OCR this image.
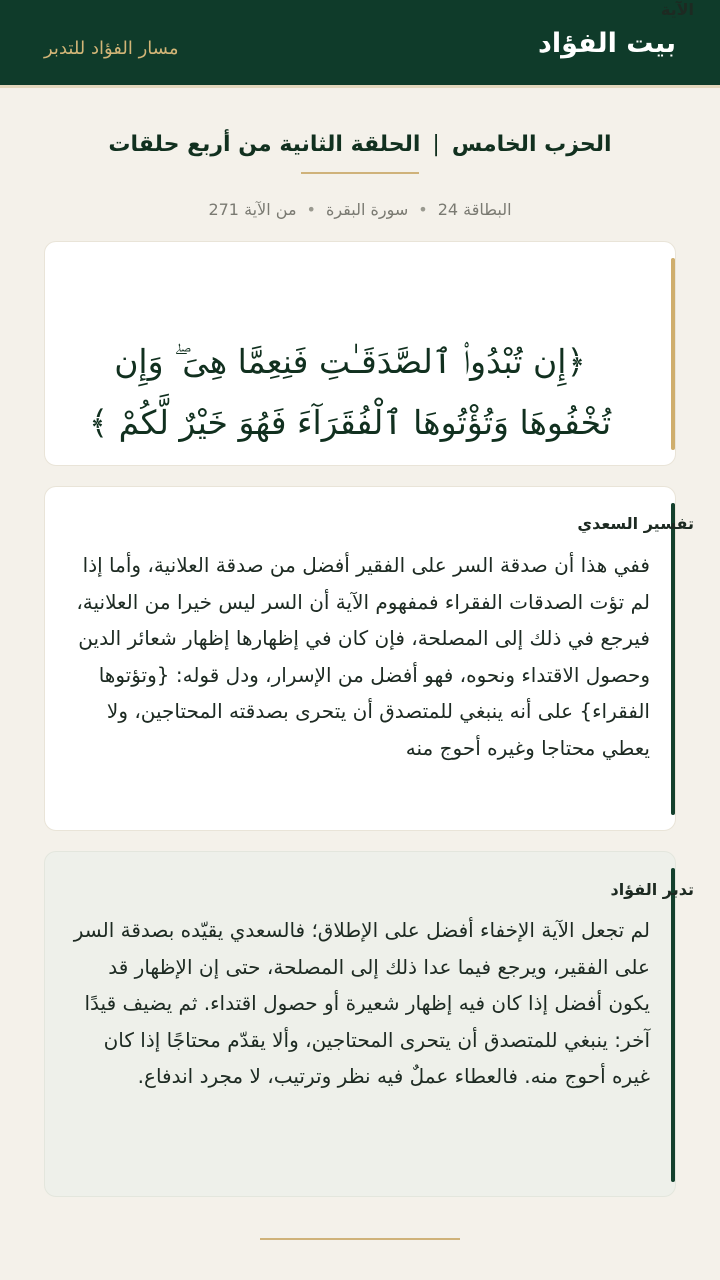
بيت الفؤاد
مسار الفؤاد للتدبر
الحزب الخامس|الحلقة الثانية من أربع حلقات
البطاقة 24•سورة البقرة•من الآية 271
الآية

﴿إِن تُبْدُوا۟ ٱلصَّدَقَـٰتِ فَنِعِمَّا هِىَ ۖ وَإِن تُخْفُوهَا وَتُؤْتُوهَا ٱلْفُقَرَآءَ فَهُوَ خَيْرٌ لَّكُمْ ﴾

تفسير السعدي

ففي هذا أن صدقة السر على الفقير أفضل من صدقة العلانية، وأما إذا لم تؤت الصدقات الفقراء فمفهوم الآية أن السر ليس خيرا من العلانية، فيرجع في ذلك إلى المصلحة، فإن كان في إظهارها إظهار شعائر الدين وحصول الاقتداء ونحوه، فهو أفضل من الإسرار، ودل قوله: {وتؤتوها الفقراء} على أنه ينبغي للمتصدق أن يتحرى بصدقته المحتاجين، ولا يعطي محتاجا وغيره أحوج منه

تدبر الفؤاد

لم تجعل الآية الإخفاء أفضل على الإطلاق؛ فالسعدي يقيّده بصدقة السر على الفقير، ويرجع فيما عدا ذلك إلى المصلحة، حتى إن الإظهار قد يكون أفضل إذا كان فيه إظهار شعيرة أو حصول اقتداء. ثم يضيف قيدًا آخر: ينبغي للمتصدق أن يتحرى المحتاجين، وألا يقدّم محتاجًا إذا كان غيره أحوج منه. فالعطاء عملٌ فيه نظر وترتيب، لا مجرد اندفاع.
